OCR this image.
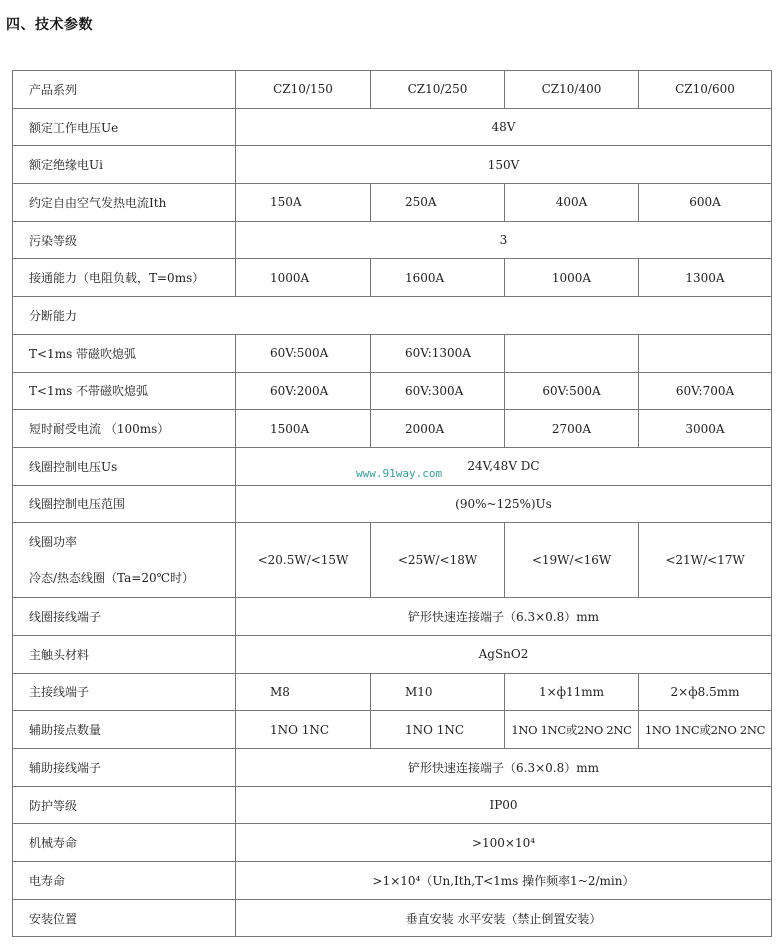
四、技术参数
产品系列	CZ10/150	CZ10/250	CZ10/400	CZ10/600
额定工作电压Ue	48V			
额定绝缘电Ui	150V			
约定自由空气发热电流Ith	150A	250A	400A	600A
污染等级	3			
接通能力（电阻负载，T=0ms）	1000A	1600A	1000A	1300A
分断能力				
T<1ms 带磁吹熄弧	60V:500A	60V:1300A		
T<1ms 不带磁吹熄弧	60V:200A	60V:300A	60V:500A	60V:700A
短时耐受电流 （100ms）	1500A	2000A	2700A	3000A
线圈控制电压Us	24V,48V DC			
线圈控制电压范围	(90%~125%)Us			

线圈功率
冷态/热态线圈（Ta=20℃时）	<20.5W/<15W	<25W/<18W	<19W/<16W	<21W/<17W
线圈接线端子	铲形快速连接端子（6.3×0.8）mm			
主触头材料	AgSnO2			
主接线端子	M8	M10	1×ф11mm	2×ф8.5mm
辅助接点数量	1NO 1NC	1NO 1NC	1NO 1NC或2NO 2NC	1NO 1NC或2NO 2NC
辅助接线端子	铲形快速连接端子（6.3×0.8）mm			
防护等级	IP00			
机械寿命	>100×10⁴			
电寿命	>1×10⁴（Un,Ith,T<1ms 操作频率1~2/min）			
安装位置	垂直安装 水平安装（禁止倒置安装）			
www.91way.com
